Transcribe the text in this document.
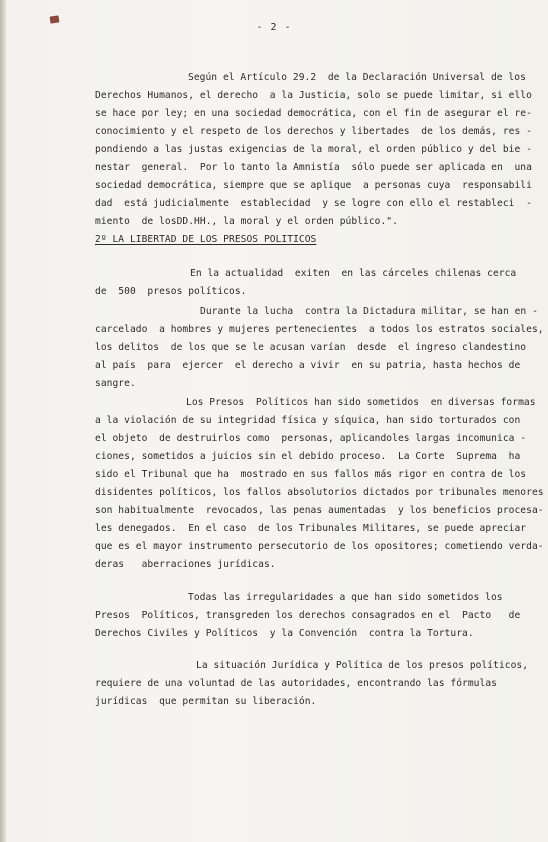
- 2 -
Según el Artículo 29.2  de la Declaración Universal de los
Derechos Humanos, el derecho  a la Justicia, solo se puede limitar, si ello
se hace por ley; en una sociedad democrática, con el fin de asegurar el re-
conocimiento y el respeto de los derechos y libertades  de los demás, res -
pondiendo a las justas exigencias de la moral, el orden público y del bie -
nestar  general.  Por lo tanto la Amnistía  sólo puede ser aplicada en  una
sociedad democrática, siempre que se aplique  a personas cuya  responsabili
dad  está judicialmente  establecidad  y se logre con ello el restableci  -
miento  de losDD.HH., la moral y el orden público.".
2º LA LIBERTAD DE LOS PRESOS POLITICOS
En la actualidad  exiten  en las cárceles chilenas cerca
de  500  presos políticos.
Durante la lucha  contra la Dictadura militar, se han en -
carcelado  a hombres y mujeres pertenecientes  a todos los estratos sociales,
los delitos  de los que se le acusan varían  desde  el ingreso clandestino
al país  para  ejercer  el derecho a vivir  en su patria, hasta hechos de
sangre.
Los Presos  Políticos han sido sometidos  en diversas formas
a la violación de su integridad física y síquica, han sido torturados con
el objeto  de destruirlos como  personas, aplicandoles largas incomunica -
ciones, sometidos a juicios sin el debido proceso.  La Corte  Suprema  ha
sido el Tribunal que ha  mostrado en sus fallos más rigor en contra de los
disidentes políticos, los fallos absolutorios dictados por tribunales menores
son habitualmente  revocados, las penas aumentadas  y los beneficios procesa-
les denegados.  En el caso  de los Tribunales Militares, se puede apreciar
que es el mayor instrumento persecutorio de los opositores; cometiendo verda-
deras   aberraciones jurídicas.
Todas las irregularidades a que han sido sometidos los
Presos  Políticos, transgreden los derechos consagrados en el  Pacto   de
Derechos Civiles y Políticos  y la Convención  contra la Tortura.
La situación Jurídica y Política de los presos políticos,
requiere de una voluntad de las autoridades, encontrando las fórmulas
jurídicas  que permitan su liberación.
